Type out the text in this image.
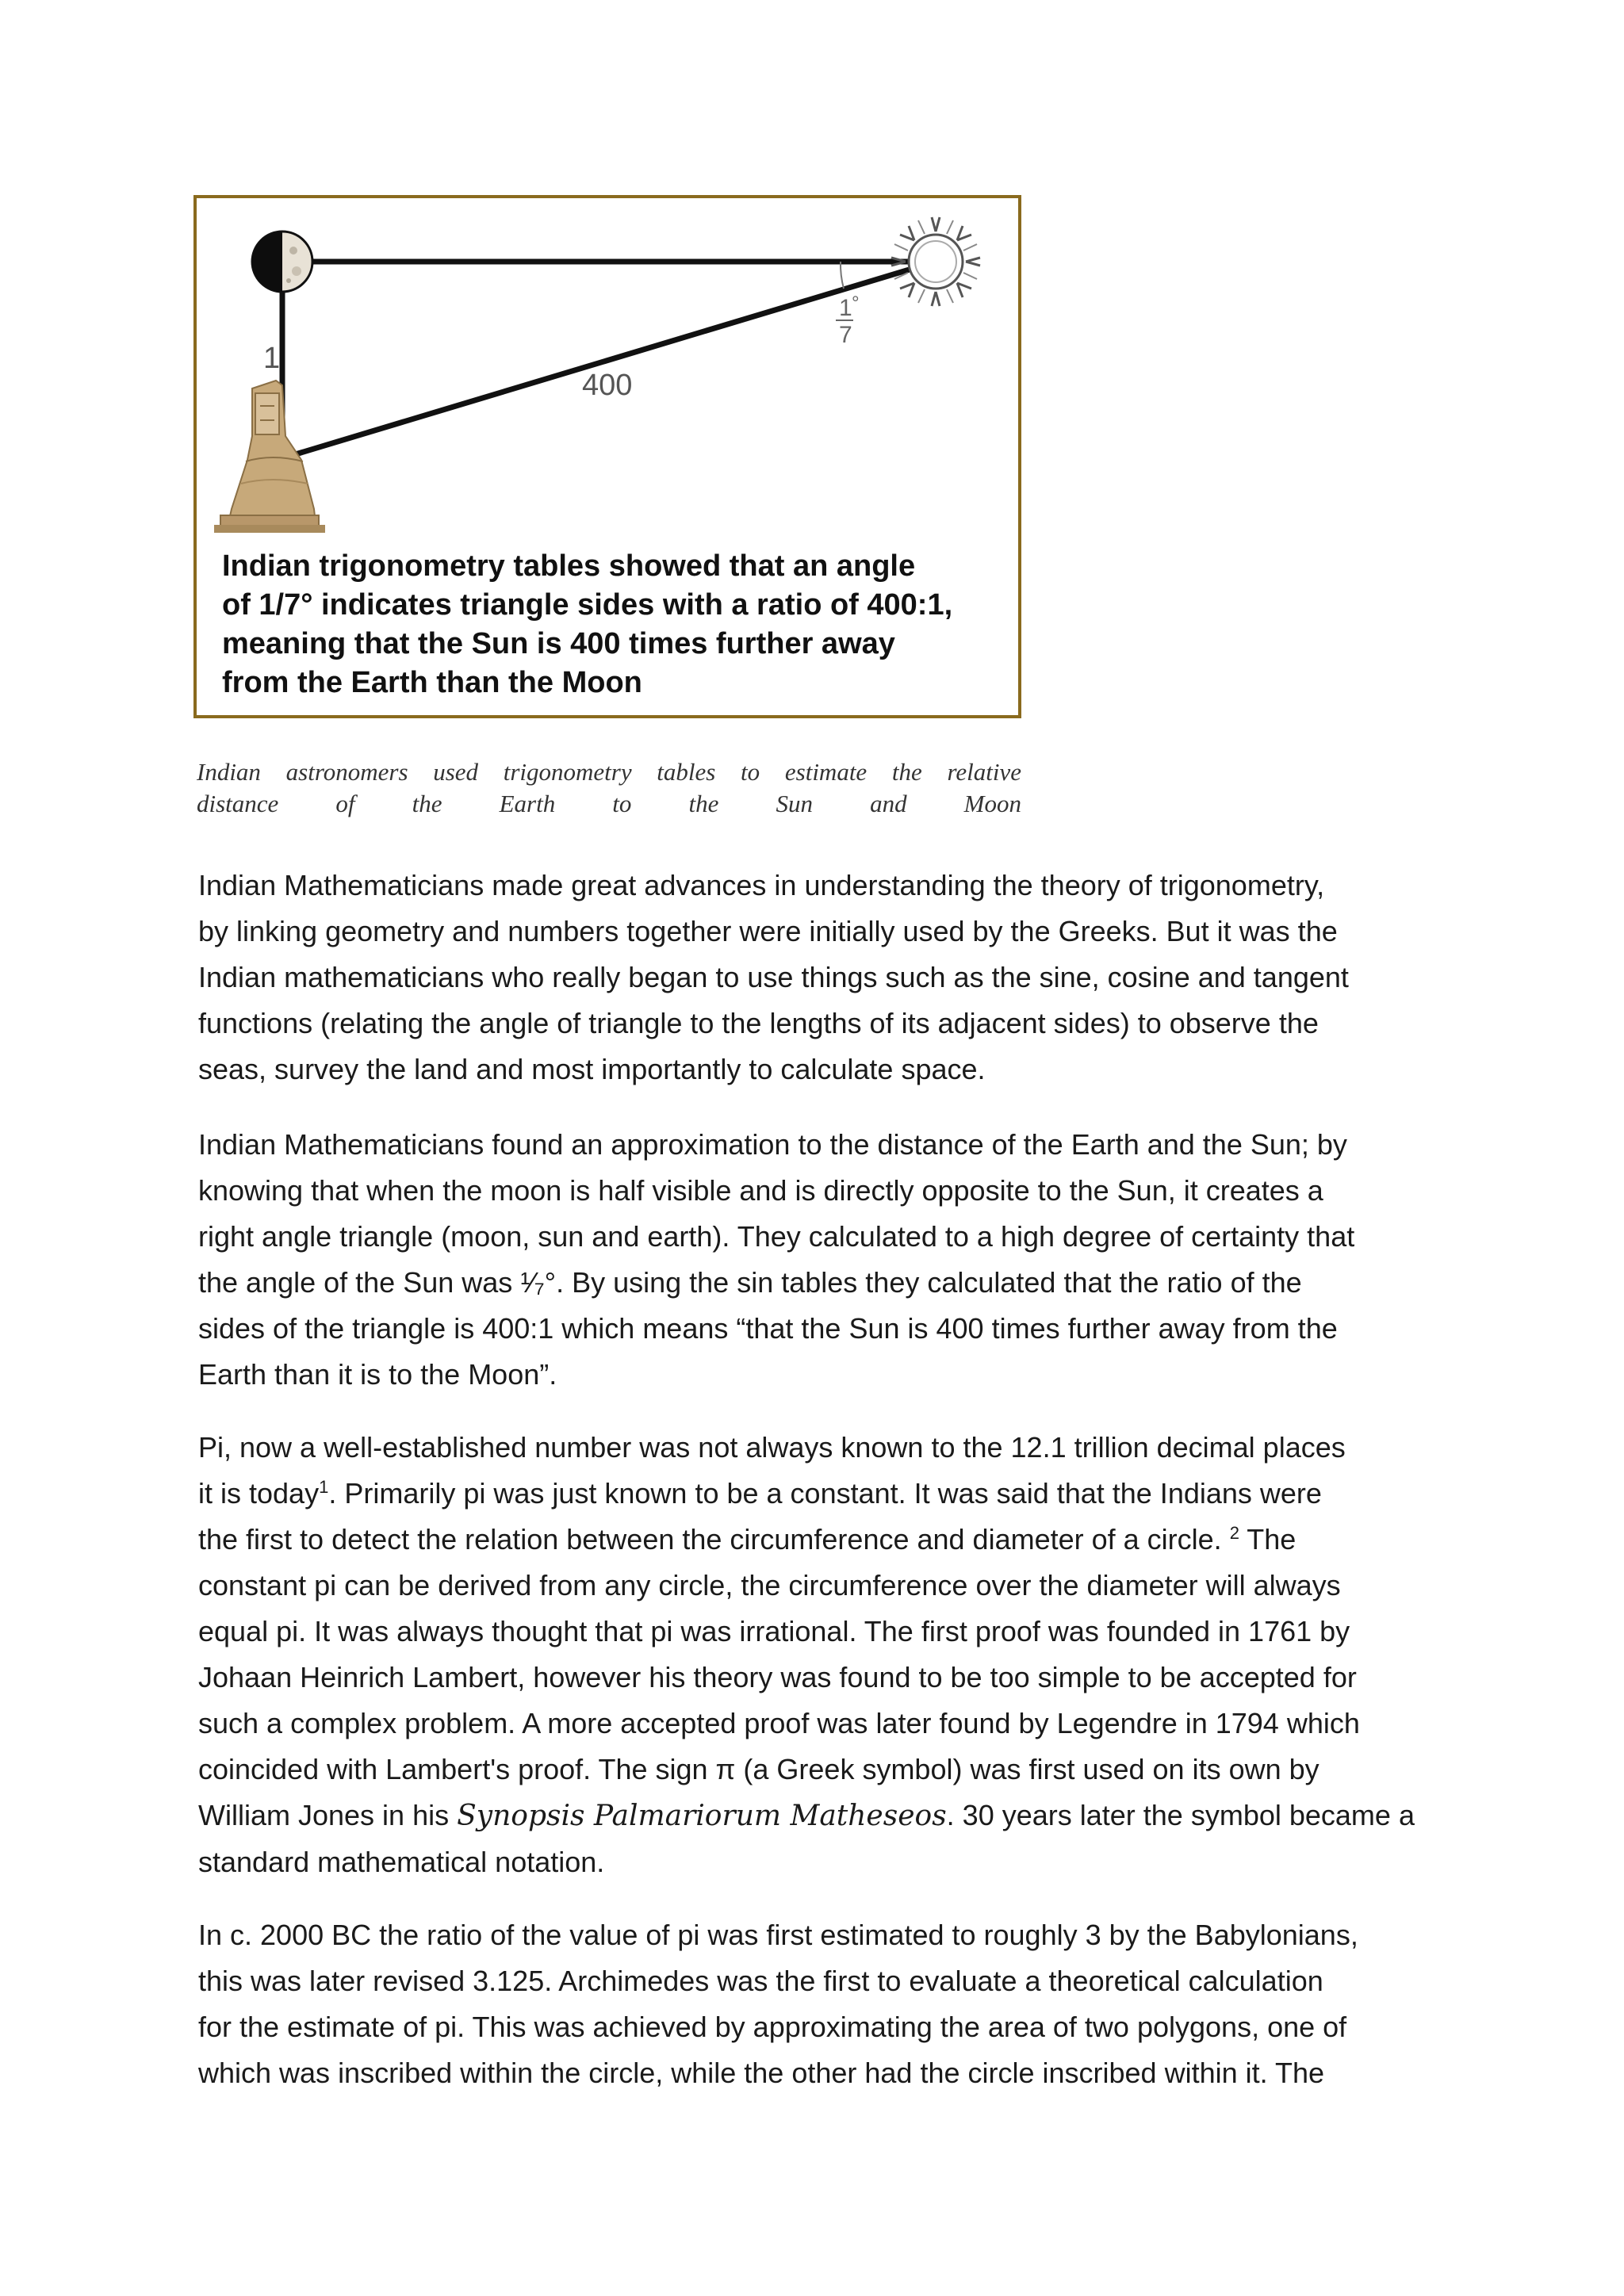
1
400
1 °
7

Indian trigonometry tables showed that an angle
of 1/7° indicates triangle sides with a ratio of 400:1,
meaning that the Sun is 400 times further away
from the Earth than the Moon

Indian astronomers used trigonometry tables to estimate the relative
distance of the Earth to the Sun and Moon

Indian Mathematicians made great advances in understanding the theory of trigonometry,
by linking geometry and numbers together were initially used by the Greeks. But it was the
Indian mathematicians who really began to use things such as the sine, cosine and tangent
functions (relating the angle of triangle to the lengths of its adjacent sides) to observe the
seas, survey the land and most importantly to calculate space.

Indian Mathematicians found an approximation to the distance of the Earth and the Sun; by
knowing that when the moon is half visible and is directly opposite to the Sun, it creates a
right angle triangle (moon, sun and earth). They calculated to a high degree of certainty that
the angle of the Sun was ¹⁄₇°. By using the sin tables they calculated that the ratio of the
sides of the triangle is 400:1 which means “that the Sun is 400 times further away from the
Earth than it is to the Moon”.

Pi, now a well-established number was not always known to the 12.1 trillion decimal places
it is today$^1$. Primarily pi was just known to be a constant. It was said that the Indians were
the first to detect the relation between the circumference and diameter of a circle. $^2$ The
constant pi can be derived from any circle, the circumference over the diameter will always
equal pi. It was always thought that pi was irrational. The first proof was founded in 1761 by
Johaan Heinrich Lambert, however his theory was found to be too simple to be accepted for
such a complex problem. A more accepted proof was later found by Legendre in 1794 which
coincided with Lambert's proof. The sign π (a Greek symbol) was first used on its own by
William Jones in his Synopsis Palmariorum Matheseos. 30 years later the symbol became a
standard mathematical notation.

In c. 2000 BC the ratio of the value of pi was first estimated to roughly 3 by the Babylonians,
this was later revised 3.125. Archimedes was the first to evaluate a theoretical calculation
for the estimate of pi. This was achieved by approximating the area of two polygons, one of
which was inscribed within the circle, while the other had the circle inscribed within it. The
